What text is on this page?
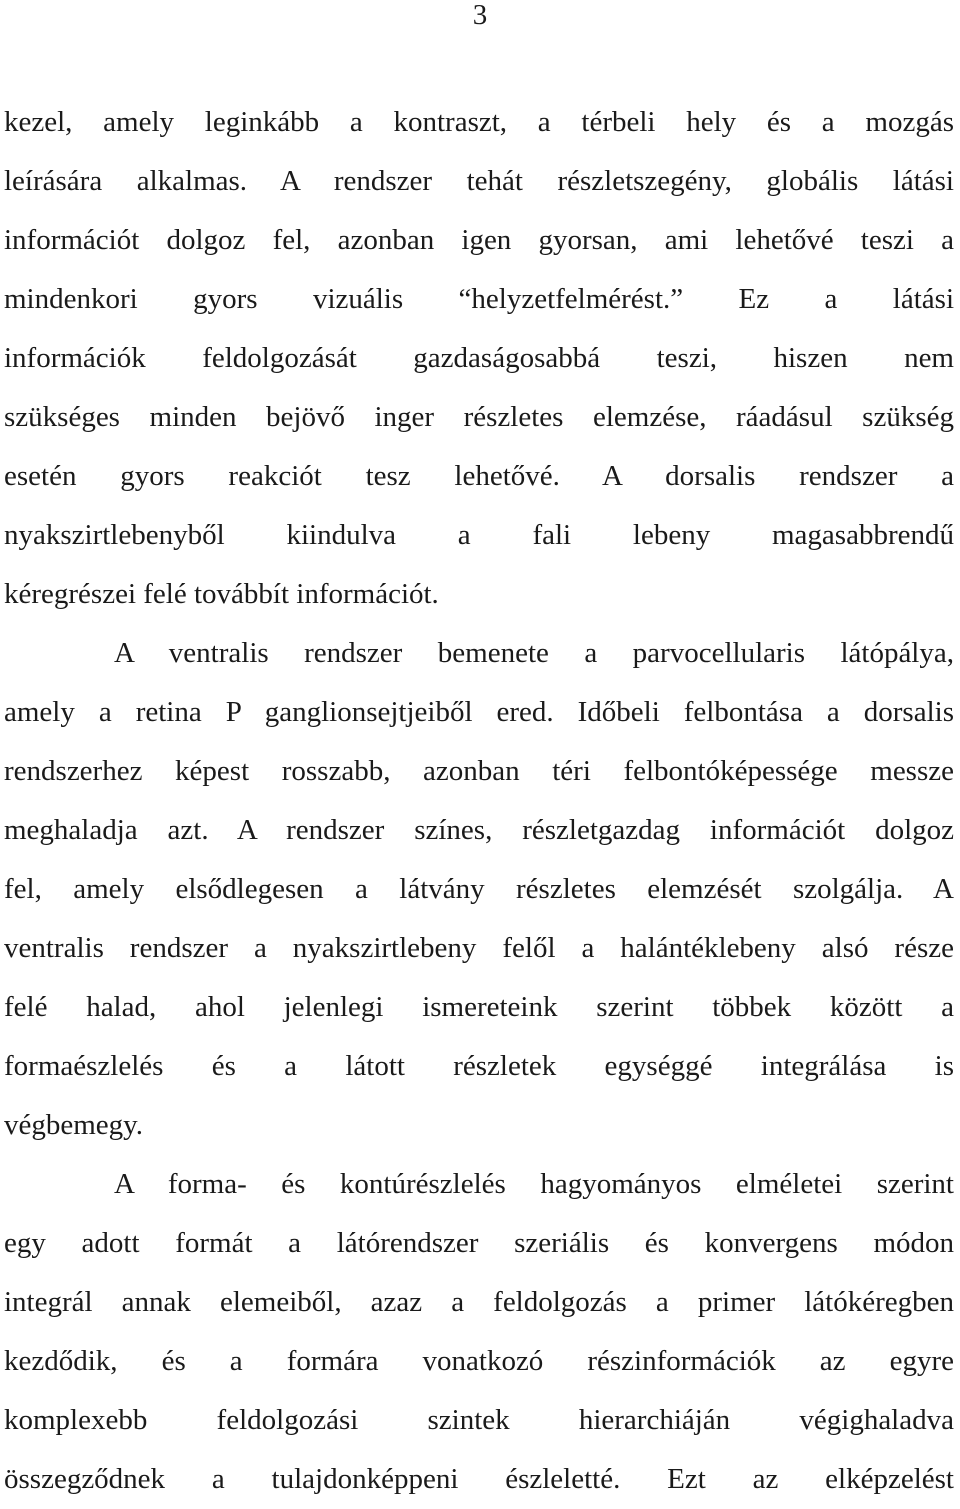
3
kezel, amely leginkább a kontraszt, a térbeli hely és a mozgás
leírására alkalmas. A rendszer tehát részletszegény, globális látási
információt dolgoz fel, azonban igen gyorsan, ami lehetővé teszi a
mindenkori gyors vizuális “helyzetfelmérést.” Ez a látási
információk feldolgozását gazdaságosabbá teszi, hiszen nem
szükséges minden bejövő inger részletes elemzése, ráadásul szükség
esetén gyors reakciót tesz lehetővé. A dorsalis rendszer a
nyakszirtlebenyből kiindulva a fali lebeny magasabbrendű
kéregrészei felé továbbít információt.
A ventralis rendszer bemenete a parvocellularis látópálya,
amely a retina P ganglionsejtjeiből ered. Időbeli felbontása a dorsalis
rendszerhez képest rosszabb, azonban téri felbontóképessége messze
meghaladja azt. A rendszer színes, részletgazdag információt dolgoz
fel, amely elsődlegesen a látvány részletes elemzését szolgálja. A
ventralis rendszer a nyakszirtlebeny felől a halántéklebeny alsó része
felé halad, ahol jelenlegi ismereteink szerint többek között a
formaészlelés és a látott részletek egységgé integrálása is
végbemegy.
A forma- és kontúrészlelés hagyományos elméletei szerint
egy adott formát a látórendszer szeriális és konvergens módon
integrál annak elemeiből, azaz a feldolgozás a primer látókéregben
kezdődik, és a formára vonatkozó részinformációk az egyre
komplexebb feldolgozási szintek hierarchiáján végighaladva
összegződnek a tulajdonképpeni észleletté. Ezt az elképzelést
